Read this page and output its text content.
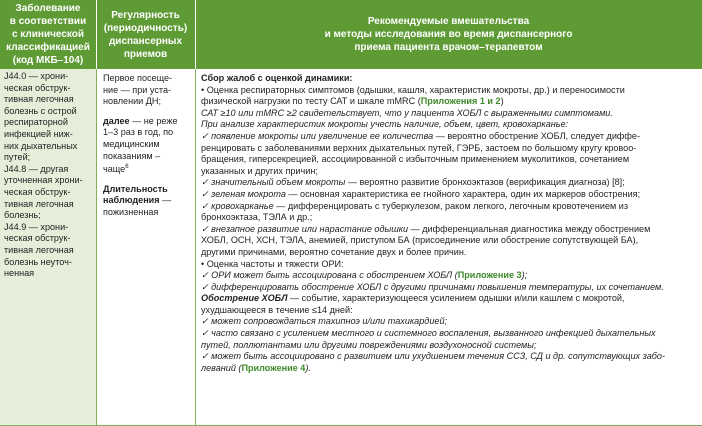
Заболевание
в соответствии
с клинической
классификацией
(код МКБ–104)
Регулярность
(периодичность)
диспансерных
приемов
Рекомендуемые вмешательства
и методы исследования во время диспансерного
приема пациента врачом–терапевтом
J44.0 — хрони-
ческая обструк-
тивная легочная
болезнь с острой
респираторной
инфекцией ниж-
них дыхательных
путей;
J44.8 — другая
уточненная хрони-
ческая обструк-
тивная легочная
болезнь;
J44.9 — хрони-
ческая обструк-
тивная легочная
болезнь неуточ-
ненная
Первое посеще-
ние — при уста-
новлении ДН;
далее — не реже
1–3 раз в год, по
медицинским
показаниям –
чаще$^6$
Длительность
наблюдения —
пожизненная
Сбор жалоб с оценкой динамики:
• Оценка респираторных симптомов (одышки, кашля, характеристик мокроты, др.) и переносимости
физической нагрузки по тесту САТ и шкале mMRC (Приложения 1 и 2)
САТ ≥10 или mMRC ≥2 свидетельствует, что у пациента ХОБЛ с выраженными симптомами.
При анализе характеристик мокроты учесть наличие, объем, цвет, кровохарканье:
✓ появление мокроты или увеличение ее количества — вероятно обострение ХОБЛ, следует диффе-
ренцировать с заболеваниями верхних дыхательных путей, ГЭРБ, застоем по большому кругу кровоо-
бращения, гиперсекрецией, ассоциированной с избыточным применением муколитиков, сочетанием
указанных и других причин;
✓ значительный объем мокроты — вероятно развитие бронхоэктазов (верификация диагноза) [8];
✓ зеленая мокрота — основная характеристика ее гнойного характера, один их маркеров обострения;
✓ кровохарканье — дифференцировать с туберкулезом, раком легкого, легочным кровотечением из
бронхоэктаза, ТЭЛА и др.;
✓ внезапное развитие или нарастание одышки — дифференциальная диагностика между обострением
ХОБЛ, ОСН, ХСН, ТЭЛА, анемией, приступом БА (присоединение или обострение сопутствующей БА),
другими причинами, вероятно сочетание двух и более причин.
• Оценка частоты и тяжести ОРИ:
✓ ОРИ может быть ассоциирована с обострением ХОБЛ (Приложение 3);
✓ дифференцировать обострение ХОБЛ с другими причинами повышения температуры, их сочетанием.
Обострение ХОБЛ — событие, характеризующееся усилением одышки и/или кашлем с мокротой,
ухудшающееся в течение ≤14 дней:
✓ может сопровождаться тахипноэ и/или тахикардией;
✓ часто связано с усилением местного и системного воспаления, вызванного инфекцией дыхательных
путей, поллютантами или другими повреждениями воздухоносной системы;
✓ может быть ассоциировано с развитием или ухудшением течения ССЗ, СД и др. сопутствующих забо-
леваний (Приложение 4).
